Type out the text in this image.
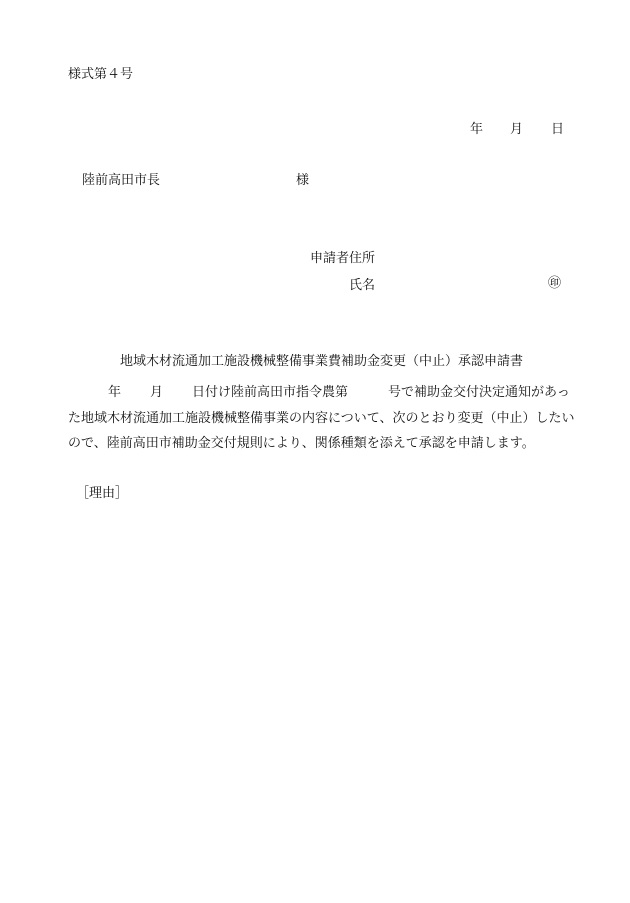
様式第４号
年 月 日
陸前高田市長	様
申請者住所
氏名	㊞
地域木材流通加工施設機械整備事業費補助金変更（中止）承認申請書
年 月 日付け陸前高田市指令農第	号で補助金交付決定通知があっ
た地域木材流通加工施設機械整備事業の内容について、次のとおり変更（中止）したい
ので、陸前高田市補助金交付規則により、関係種類を添えて承認を申請します。
［理由］
